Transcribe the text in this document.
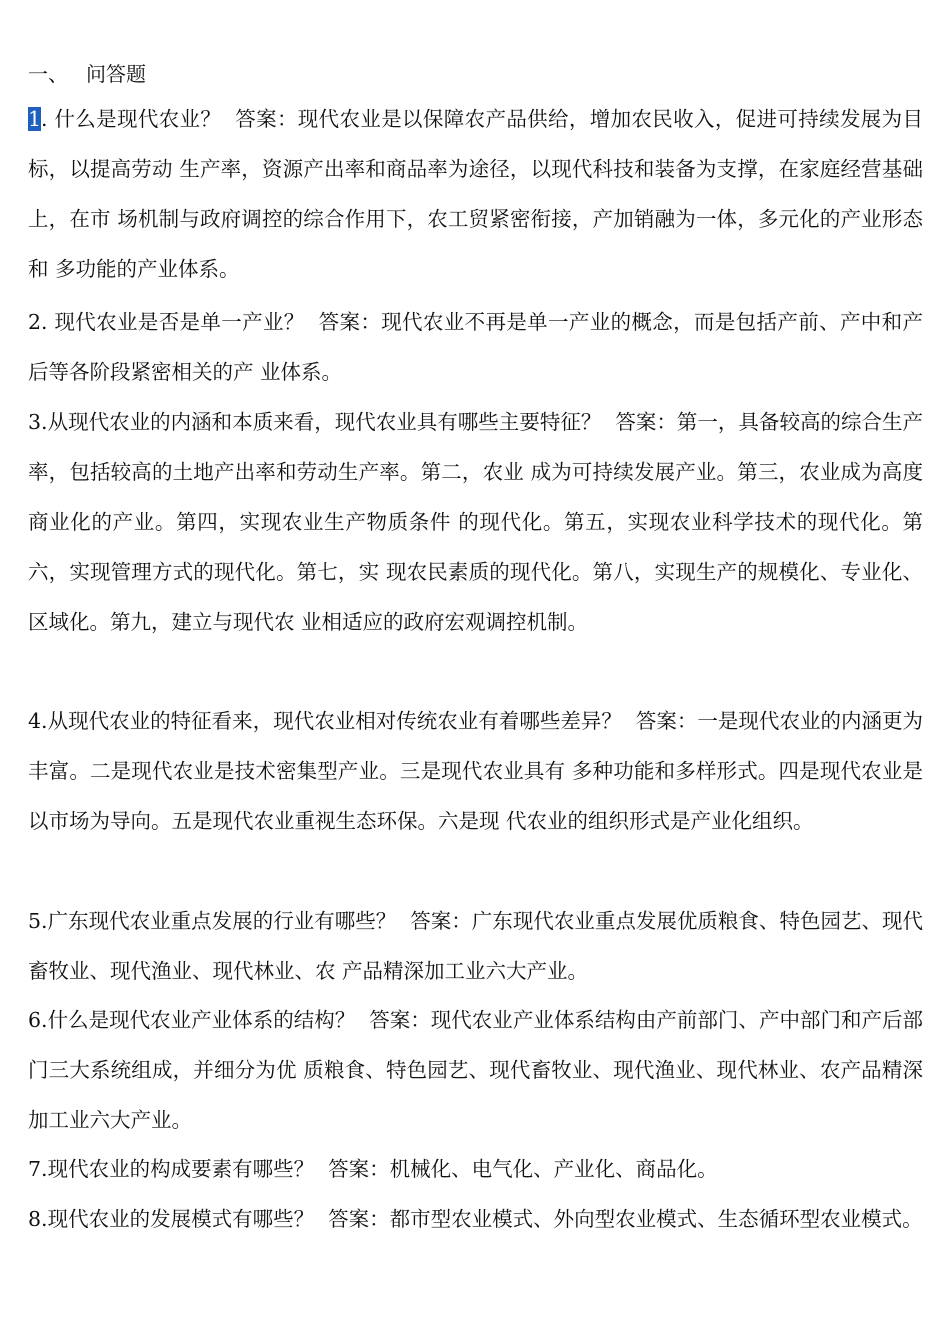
一、 问答题

1. 什么是现代农业？ 答案：现代农业是以保障农产品供给，增加农民收入，促进可持续发展为目标，以提高劳动 生产率，资源产出率和商品率为途径，以现代科技和装备为支撑，在家庭经营基础上，在市 场机制与政府调控的综合作用下，农工贸紧密衔接，产加销融为一体，多元化的产业形态和 多功能的产业体系。

2. 现代农业是否是单一产业？ 答案：现代农业不再是单一产业的概念，而是包括产前、产中和产后等各阶段紧密相关的产 业体系。

3.从现代农业的内涵和本质来看，现代农业具有哪些主要特征？ 答案：第一，具备较高的综合生产率，包括较高的土地产出率和劳动生产率。第二，农业 成为可持续发展产业。第三，农业成为高度商业化的产业。第四，实现农业生产物质条件 的现代化。第五，实现农业科学技术的现代化。第六，实现管理方式的现代化。第七，实 现农民素质的现代化。第八，实现生产的规模化、专业化、区域化。第九，建立与现代农 业相适应的政府宏观调控机制。

4.从现代农业的特征看来，现代农业相对传统农业有着哪些差异？ 答案：一是现代农业的内涵更为丰富。二是现代农业是技术密集型产业。三是现代农业具有 多种功能和多样形式。四是现代农业是以市场为导向。五是现代农业重视生态环保。六是现 代农业的组织形式是产业化组织。

5.广东现代农业重点发展的行业有哪些？ 答案：广东现代农业重点发展优质粮食、特色园艺、现代畜牧业、现代渔业、现代林业、农 产品精深加工业六大产业。

6.什么是现代农业产业体系的结构？ 答案：现代农业产业体系结构由产前部门、产中部门和产后部门三大系统组成，并细分为优 质粮食、特色园艺、现代畜牧业、现代渔业、现代林业、农产品精深加工业六大产业。

7.现代农业的构成要素有哪些？ 答案：机械化、电气化、产业化、商品化。

8.现代农业的发展模式有哪些？ 答案：都市型农业模式、外向型农业模式、生态循环型农业模式。
